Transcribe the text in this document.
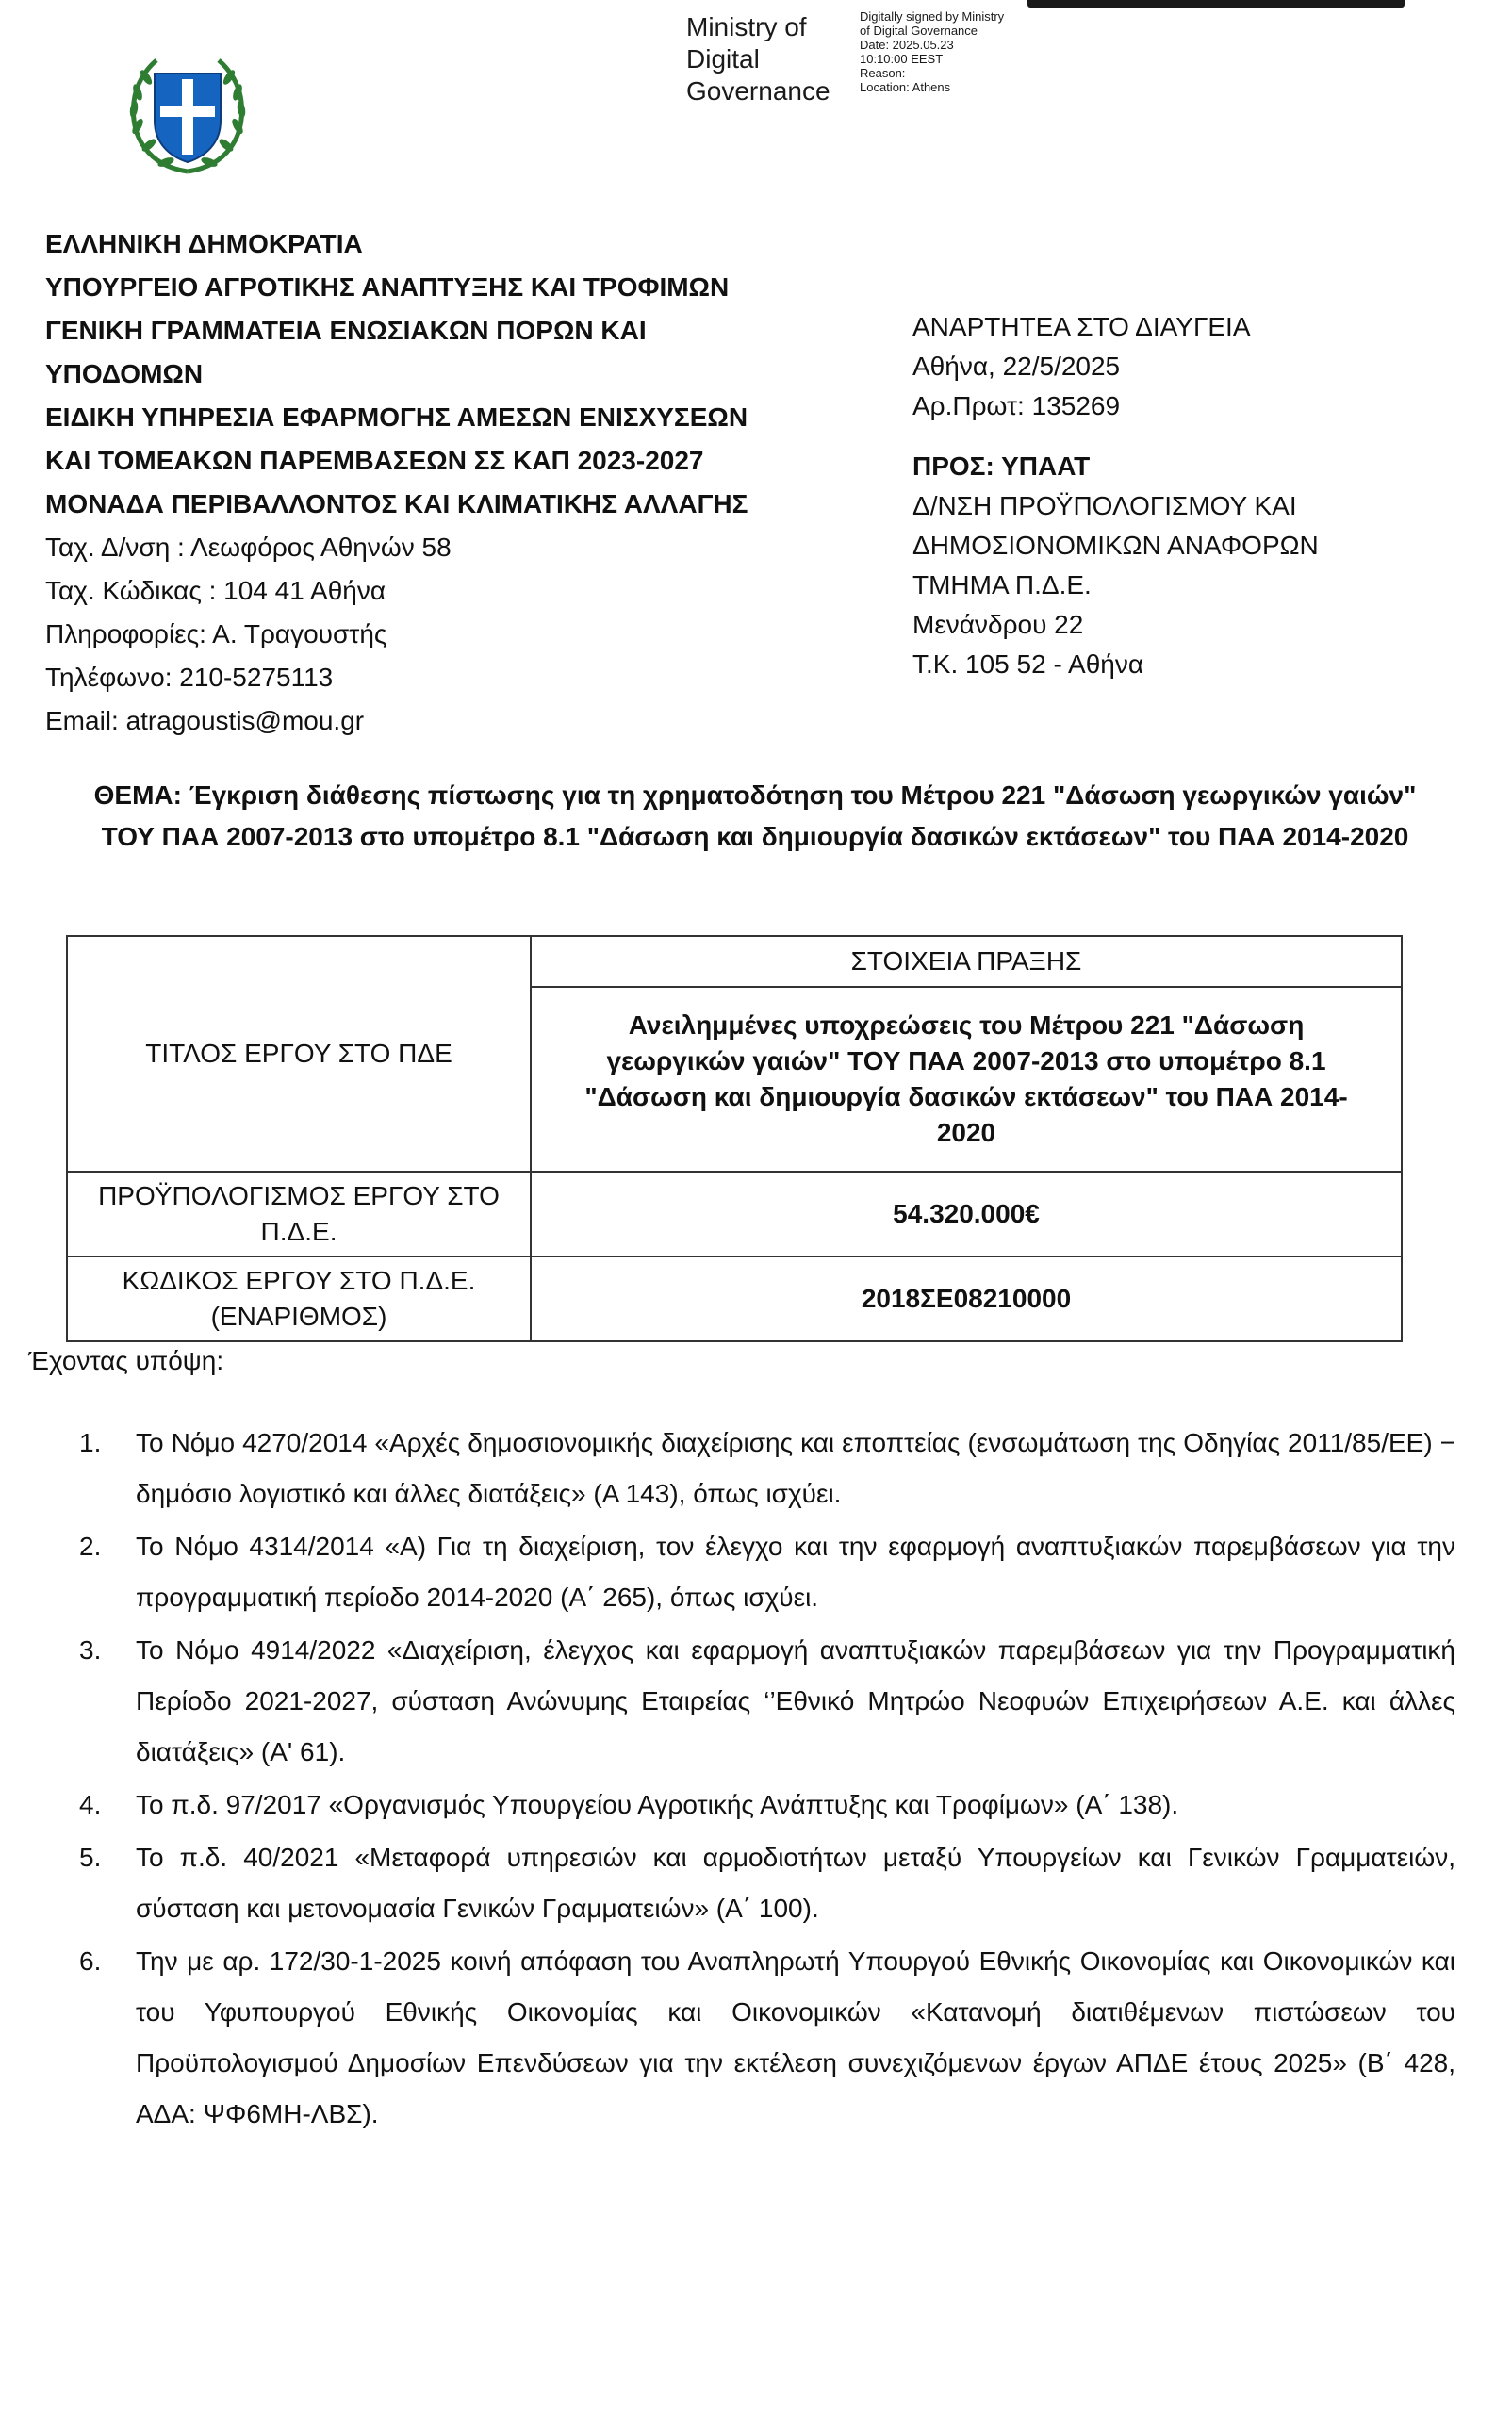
Ministry of
Digital
Governance
Digitally signed by Ministry
of Digital Governance
Date: 2025.05.23
10:10:00 EEST
Reason:
Location: Athens
ΕΛΛΗΝΙΚΗ ΔΗΜΟΚΡΑΤΙΑ
ΥΠΟΥΡΓΕΙΟ ΑΓΡΟΤΙΚΗΣ ΑΝΑΠΤΥΞΗΣ ΚΑΙ ΤΡΟΦΙΜΩΝ
ΓΕΝΙΚΗ ΓΡΑΜΜΑΤΕΙΑ ΕΝΩΣΙΑΚΩΝ ΠΟΡΩΝ ΚΑΙ
ΥΠΟΔΟΜΩΝ
ΕΙΔΙΚΗ ΥΠΗΡΕΣΙΑ ΕΦΑΡΜΟΓΗΣ ΑΜΕΣΩΝ ΕΝΙΣΧΥΣΕΩΝ
ΚΑΙ ΤΟΜΕΑΚΩΝ ΠΑΡΕΜΒΑΣΕΩΝ ΣΣ ΚΑΠ 2023-2027
ΜΟΝΑΔΑ ΠΕΡΙΒΑΛΛΟΝΤΟΣ ΚΑΙ ΚΛΙΜΑΤΙΚΗΣ ΑΛΛΑΓΗΣ
Ταχ. Δ/νση : Λεωφόρος Αθηνών 58
Ταχ. Κώδικας : 104 41 Αθήνα
Πληροφορίες: Α. Τραγουστής
Τηλέφωνο: 210-5275113
Email: atragoustis@mou.gr
ΑΝΑΡΤΗΤΕΑ ΣΤΟ ΔΙΑΥΓΕΙΑ
Αθήνα, 22/5/2025
Αρ.Πρωτ: 135269
ΠΡΟΣ: ΥΠΑΑΤ
Δ/ΝΣΗ ΠΡΟΫΠΟΛΟΓΙΣΜΟΥ ΚΑΙ
ΔΗΜΟΣΙΟΝΟΜΙΚΩΝ ΑΝΑΦΟΡΩΝ
ΤΜΗΜΑ Π.Δ.Ε.
Μενάνδρου 22
Τ.Κ. 105 52 - Αθήνα
ΘΕΜΑ: Έγκριση διάθεσης πίστωσης για τη χρηματοδότηση του Μέτρου 221 "Δάσωση γεωργικών γαιών"
ΤΟΥ ΠΑΑ 2007-2013 στο υπομέτρο 8.1 "Δάσωση και δημιουργία δασικών εκτάσεων" του ΠΑΑ 2014-2020
ΤΙΤΛΟΣ ΕΡΓΟΥ ΣΤΟ ΠΔΕ	ΣΤΟΙΧΕΙΑ ΠΡΑΞΗΣ
	Ανειλημμένες υποχρεώσεις του Μέτρου 221 "Δάσωση γεωργικών γαιών" ΤΟΥ ΠΑΑ 2007-2013 στο υπομέτρο 8.1 "Δάσωση και δημιουργία δασικών εκτάσεων" του ΠΑΑ 2014-2020
ΠΡΟΫΠΟΛΟΓΙΣΜΟΣ ΕΡΓΟΥ ΣΤΟ Π.Δ.Ε.	54.320.000€
ΚΩΔΙΚΟΣ ΕΡΓΟΥ ΣΤΟ Π.Δ.Ε. (ΕΝΑΡΙΘΜΟΣ)	2018ΣΕ08210000
Έχοντας υπόψη:
1. Το Νόμο 4270/2014 «Αρχές δημοσιονομικής διαχείρισης και εποπτείας (ενσωμάτωση της Οδηγίας 2011/85/ΕΕ) − δημόσιο λογιστικό και άλλες διατάξεις» (Α 143), όπως ισχύει.
2. Το Νόμο 4314/2014 «Α) Για τη διαχείριση, τον έλεγχο και την εφαρμογή αναπτυξιακών παρεμβάσεων για την προγραμματική περίοδο 2014-2020 (Α΄ 265), όπως ισχύει.
3. Το Νόμο 4914/2022 «Διαχείριση, έλεγχος και εφαρμογή αναπτυξιακών παρεμβάσεων για την Προγραμματική Περίοδο 2021-2027, σύσταση Ανώνυμης Εταιρείας ‘’Εθνικό Μητρώο Νεοφυών Επιχειρήσεων Α.Ε. και άλλες διατάξεις» (Α' 61).
4. Το π.δ. 97/2017 «Οργανισμός Υπουργείου Αγροτικής Ανάπτυξης και Τροφίμων» (Α΄ 138).
5. Το π.δ. 40/2021 «Μεταφορά υπηρεσιών και αρμοδιοτήτων μεταξύ Υπουργείων και Γενικών Γραμματειών, σύσταση και μετονομασία Γενικών Γραμματειών» (Α΄ 100).
6. Την με αρ. 172/30-1-2025 κοινή απόφαση του Αναπληρωτή Υπουργού Εθνικής Οικονομίας και Οικονομικών και του Υφυπουργού Εθνικής Οικονομίας και Οικονομικών «Κατανομή διατιθέμενων πιστώσεων του Προϋπολογισμού Δημοσίων Επενδύσεων για την εκτέλεση συνεχιζόμενων έργων ΑΠΔΕ έτους 2025» (Β΄ 428, ΑΔΑ: ΨΦ6ΜΗ-ΛΒΣ).
